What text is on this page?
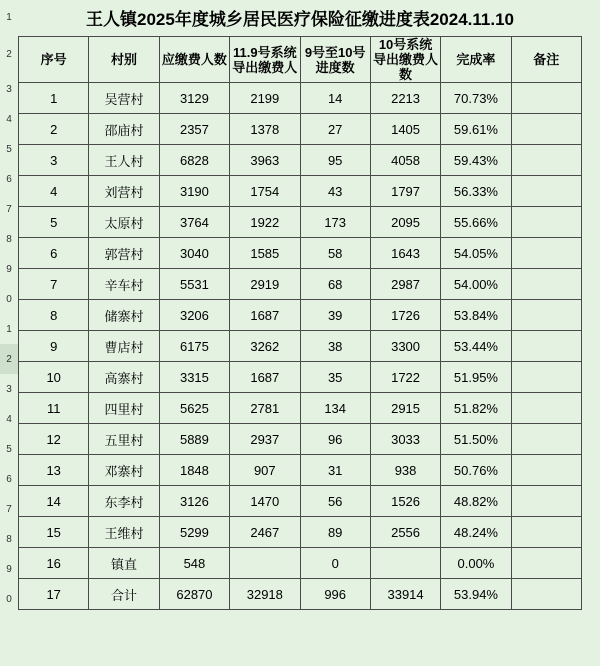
1
2
3
4
5
6
7
8
9
0
1
2
3
4
5
6
7
8
9
0
王人镇2025年度城乡居民医疗保险征缴进度表2024.11.10							
序号	村别	应缴费人数	11.9号系统导出缴费人	9号至10号进度数	10号系统导出缴费人数	完成率	备注
1	吴营村	3129	2199	14	2213	70.73%	
2	邵庙村	2357	1378	27	1405	59.61%	
3	王人村	6828	3963	95	4058	59.43%	
4	刘营村	3190	1754	43	1797	56.33%	
5	太原村	3764	1922	173	2095	55.66%	
6	郭营村	3040	1585	58	1643	54.05%	
7	辛车村	5531	2919	68	2987	54.00%	
8	储寨村	3206	1687	39	1726	53.84%	
9	曹店村	6175	3262	38	3300	53.44%	
10	高寨村	3315	1687	35	1722	51.95%	
11	四里村	5625	2781	134	2915	51.82%	
12	五里村	5889	2937	96	3033	51.50%	
13	邓寨村	1848	907	31	938	50.76%	
14	东李村	3126	1470	56	1526	48.82%	
15	王维村	5299	2467	89	2556	48.24%	
16	镇直	548		0		0.00%	
17	合计	62870	32918	996	33914	53.94%	
